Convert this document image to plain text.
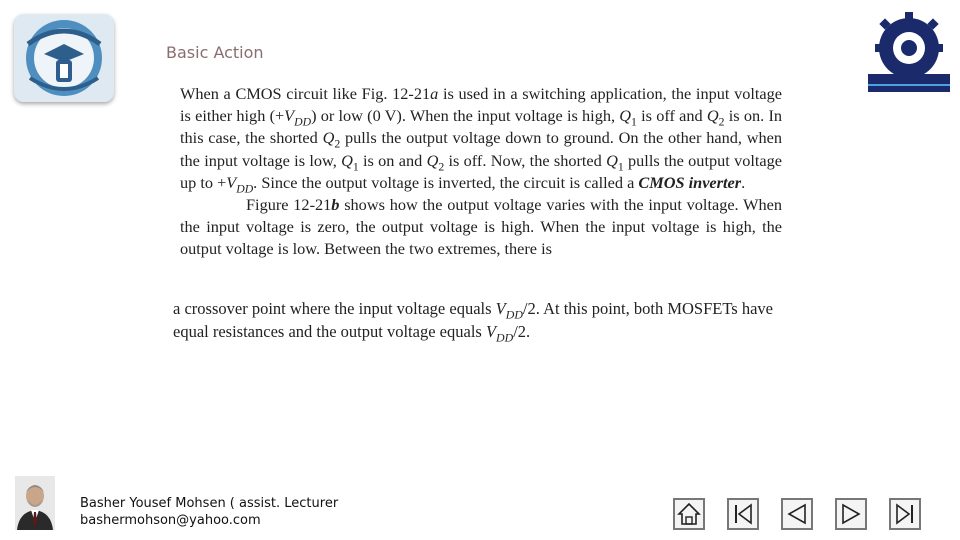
Basic Action

When a CMOS circuit like Fig. 12-21a is used in a switching application, the input voltage is either high $(+V_{DD})$ or low (0 V). When the input voltage is high, $Q_1$ is off and $Q_2$ is on. In this case, the shorted $Q_2$ pulls the output voltage down to ground. On the other hand, when the input voltage is low, $Q_1$ is on and $Q_2$ is off. Now, the shorted $Q_1$ pulls the output voltage up to $+V_{DD}$. Since the output voltage is inverted, the circuit is called a CMOS inverter.

Figure 12-21b shows how the output voltage varies with the input voltage. When the input voltage is zero, the output voltage is high. When the input voltage is high, the output voltage is low. Between the two extremes, there is

a crossover point where the input voltage equals $V_{DD}/2$. At this point, both MOSFETs have equal resistances and the output voltage equals $V_{DD}/2$.

Basher Yousef Mohsen ( assist. Lecturer
bashermohson@yahoo.com
